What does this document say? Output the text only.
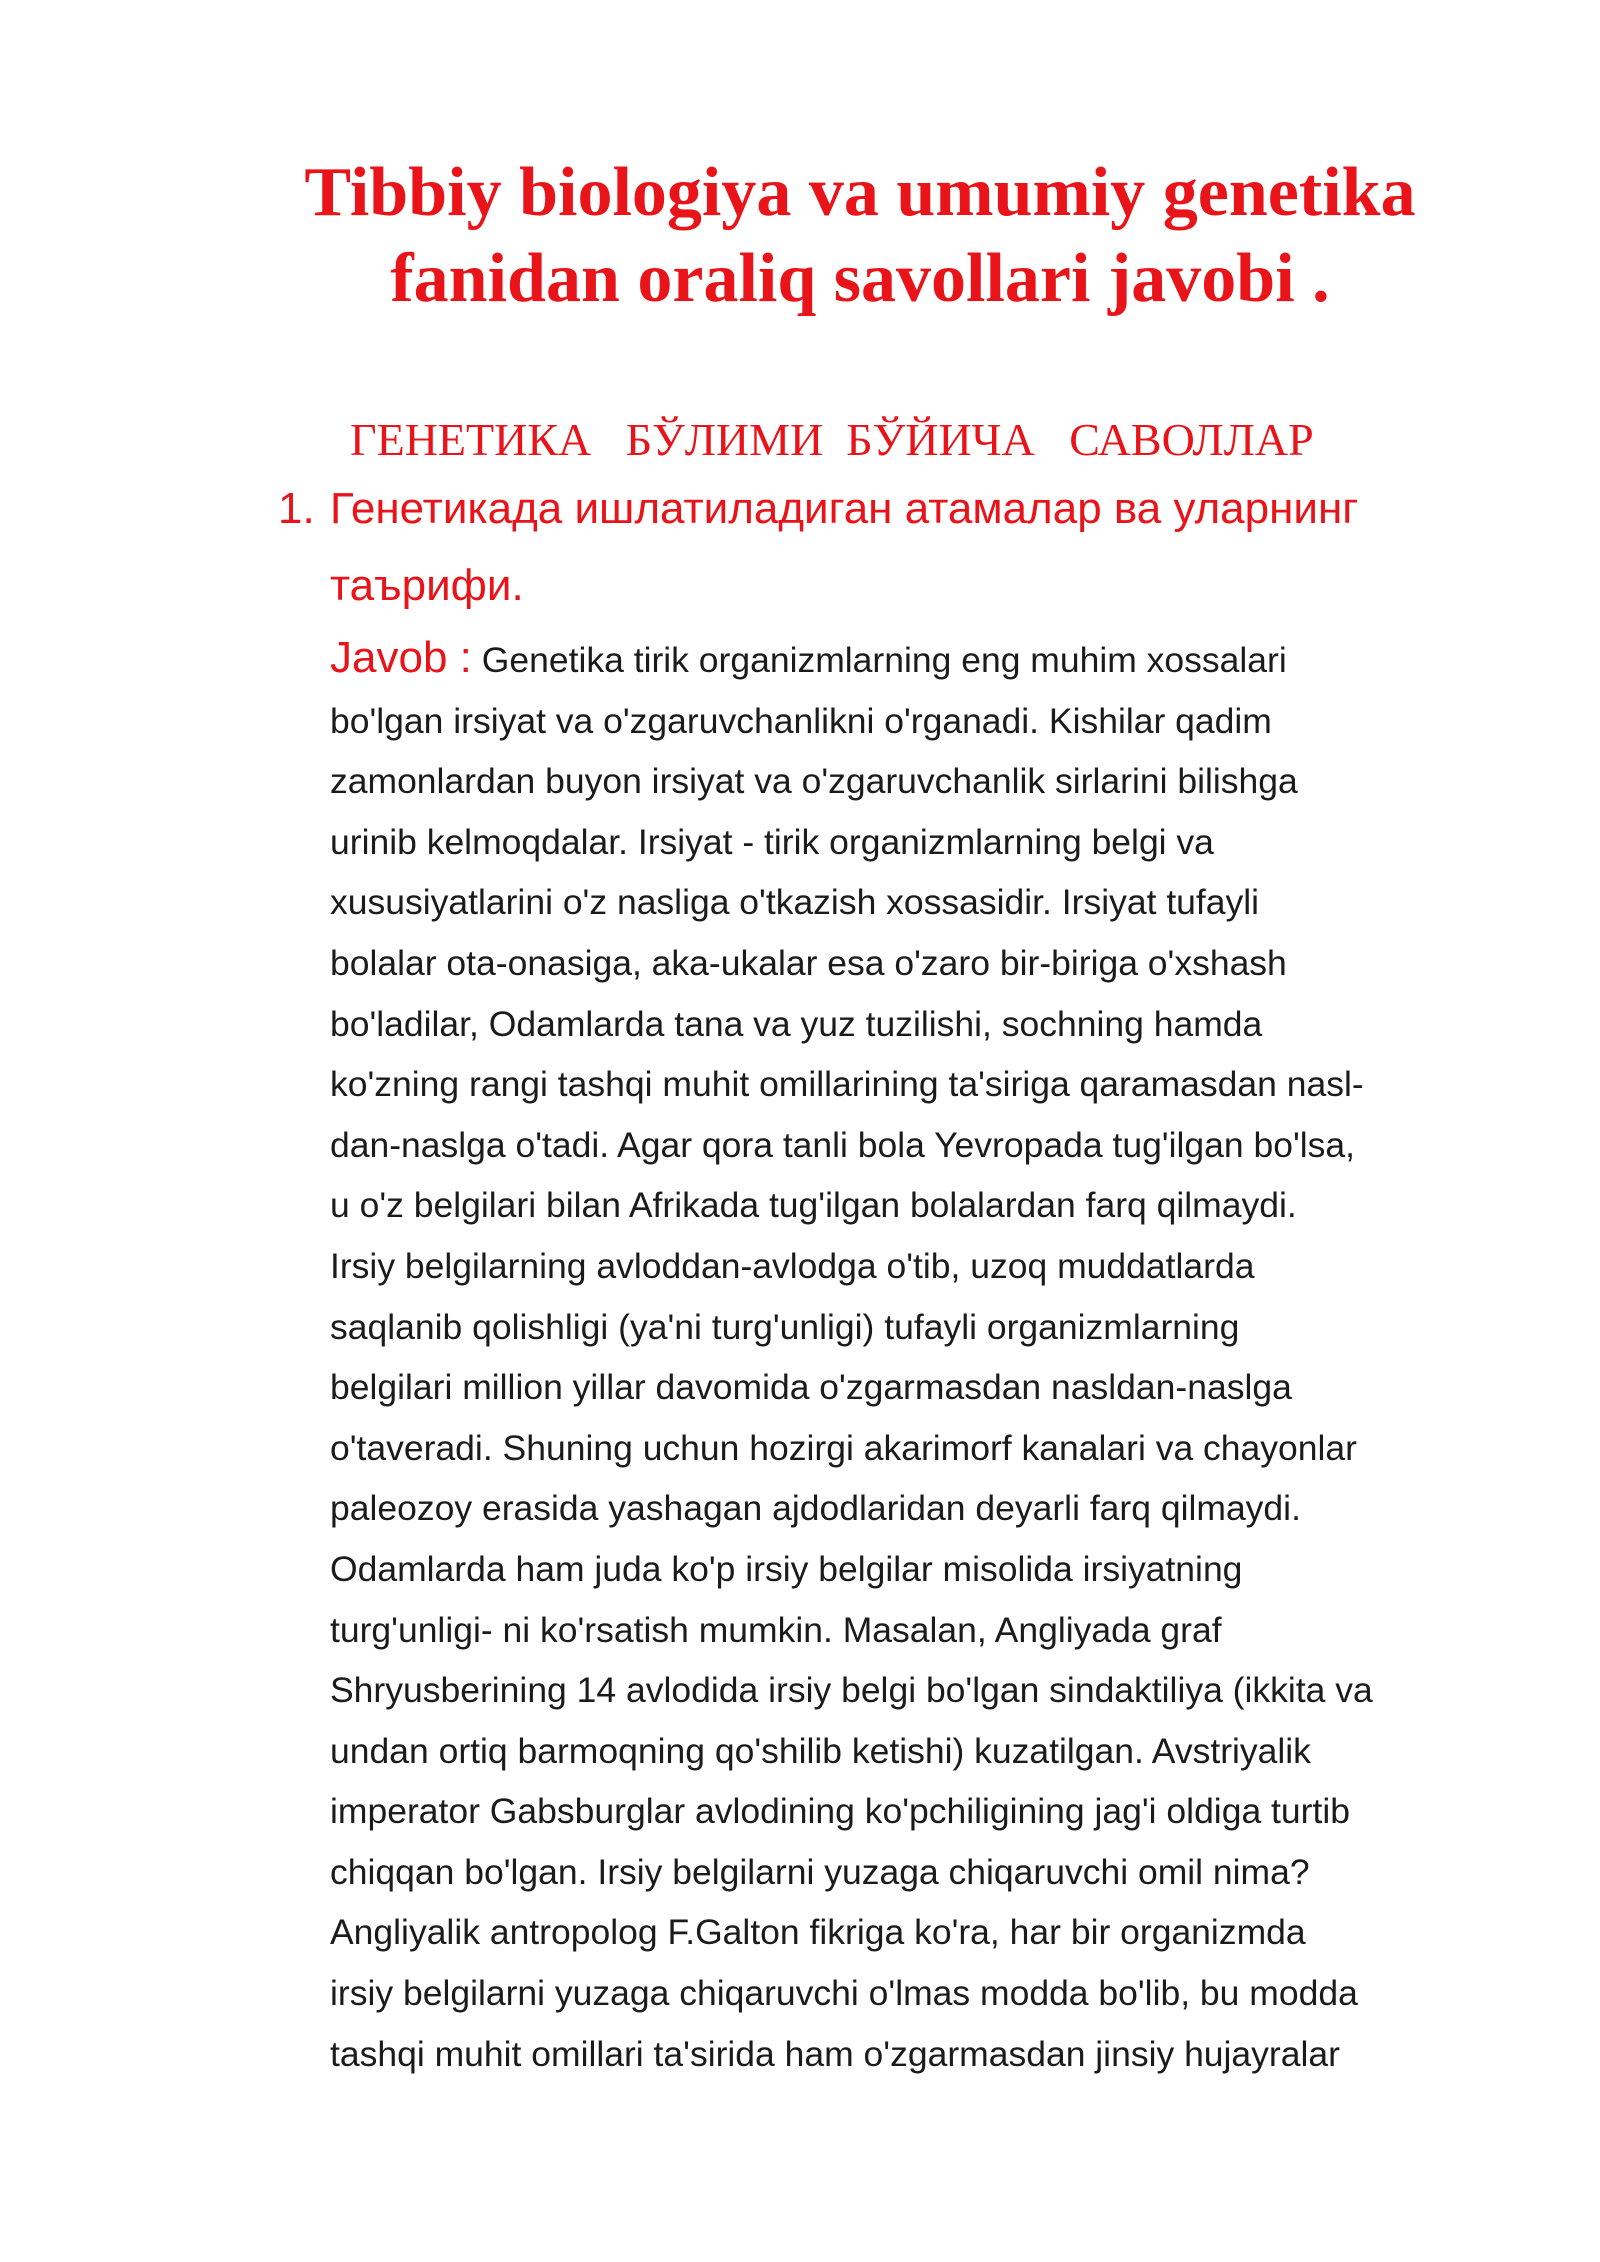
Tibbiy biologiya va umumiy genetika
fanidan oraliq savollari javobi .
ГЕНЕТИКА   БЎЛИМИ  БЎЙИЧА   САВОЛЛАР
1. Генетикада ишлатиладиган атамалар ва уларнинг таърифи.
Javob : Genetika tirik organizmlarning eng muhim xossalari
bo'lgan irsiyat va o'zgaruvchanlikni o'rganadi. Kishilar qadim
zamonlardan buyon irsiyat va o'zgaruvchanlik sirlarini bilishga
urinib kelmoqdalar. Irsiyat - tirik organizmlarning belgi va
xususiyatlarini o'z nasliga o'tkazish xossasidir. Irsiyat tufayli
bolalar ota-onasiga, aka-ukalar esa o'zaro bir-biriga o'xshash
bo'ladilar, Odamlarda tana va yuz tuzilishi, sochning hamda
ko'zning rangi tashqi muhit omillarining ta'siriga qaramasdan nasl-
dan-naslga o'tadi. Agar qora tanli bola Yevropada tug'ilgan bo'lsa,
u o'z belgilari bilan Afrikada tug'ilgan bolalardan farq qilmaydi.
Irsiy belgilarning avloddan-avlodga o'tib, uzoq muddatlarda
saqlanib qolishligi (ya'ni turg'unligi) tufayli organizmlarning
belgilari million yillar davomida o'zgarmasdan nasldan-naslga
o'taveradi. Shuning uchun hozirgi akarimorf kanalari va chayonlar
paleozoy erasida yashagan ajdodlaridan deyarli farq qilmaydi.
Odamlarda ham juda ko'p irsiy belgilar misolida irsiyatning
turg'unligi- ni ko'rsatish mumkin. Masalan, Angliyada graf
Shryusberining 14 avlodida irsiy belgi bo'lgan sindaktiliya (ikkita va
undan ortiq barmoqning qo'shilib ketishi) kuzatilgan. Avstriyalik
imperator Gabsburglar avlodining ko'pchiligining jag'i oldiga turtib
chiqqan bo'lgan. Irsiy belgilarni yuzaga chiqaruvchi omil nima?
Angliyalik antropolog F.Galton fikriga ko'ra, har bir organizmda
irsiy belgilarni yuzaga chiqaruvchi o'lmas modda bo'lib, bu modda
tashqi muhit omillari ta'sirida ham o'zgarmasdan jinsiy hujayralar
